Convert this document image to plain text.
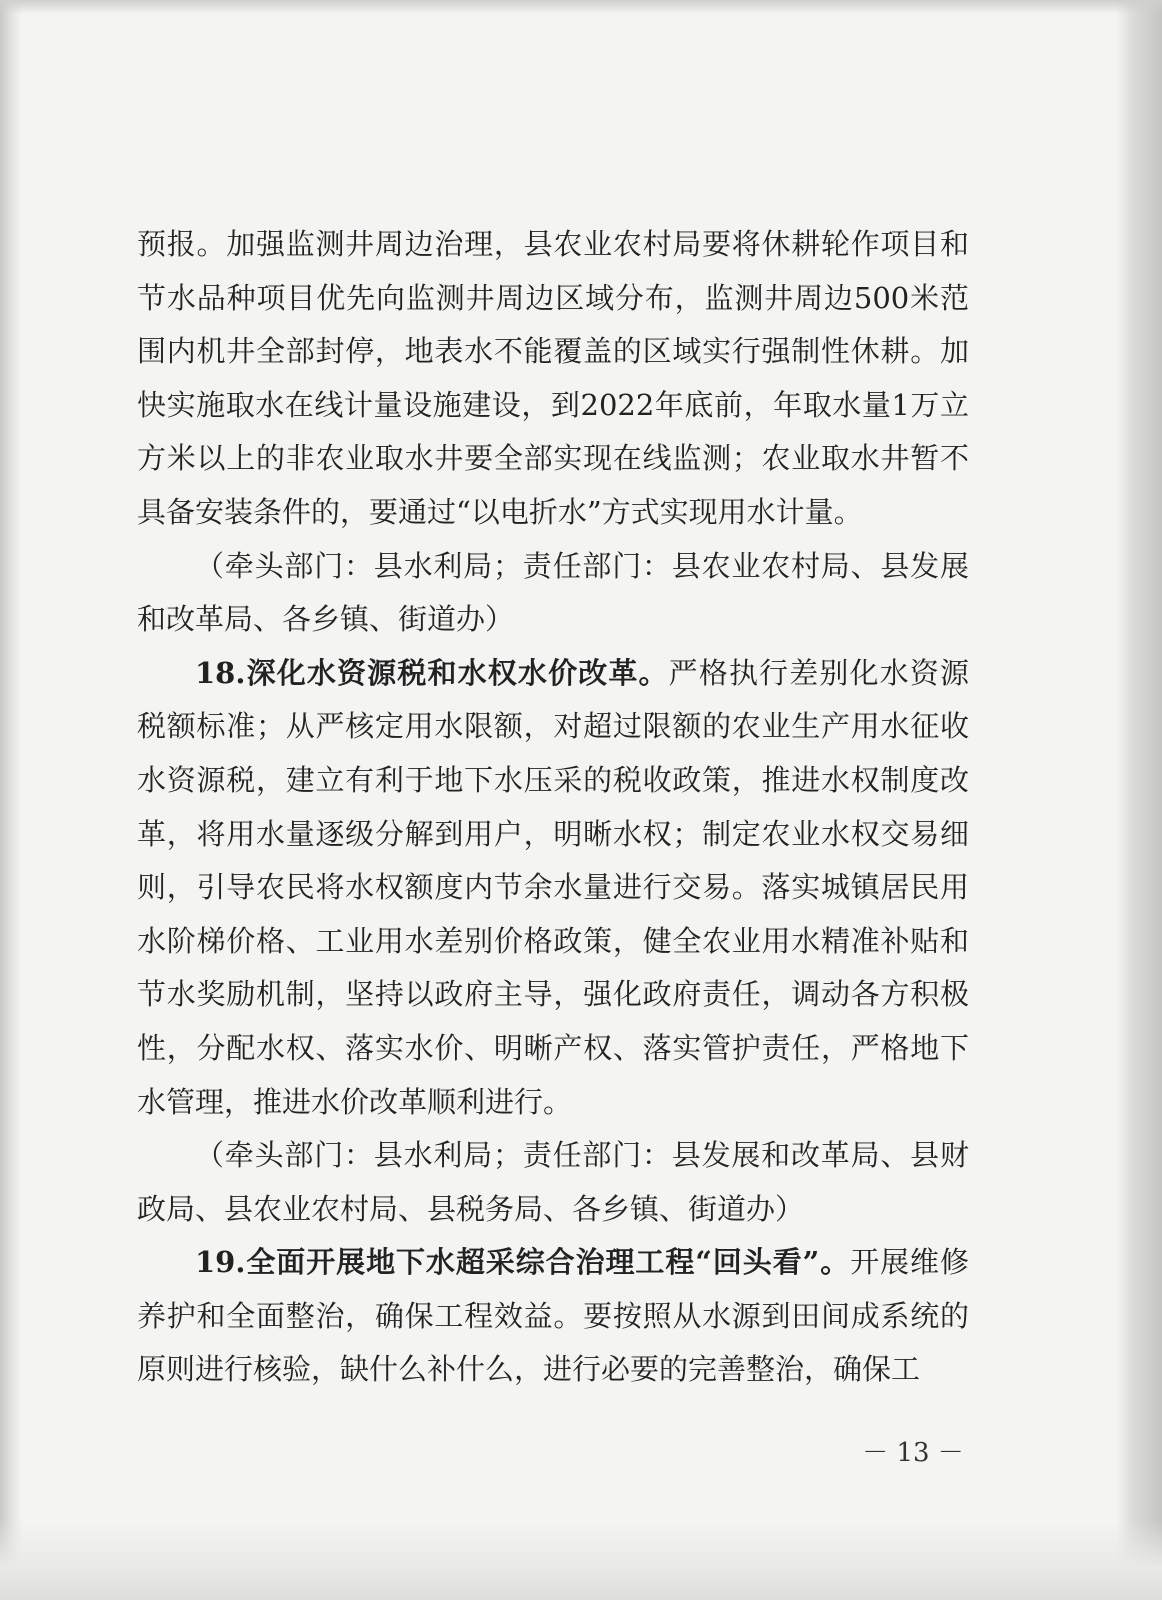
预报。加强监测井周边治理，县农业农村局要将休耕轮作项目和节水品种项目优先向监测井周边区域分布，监测井周边500米范围内机井全部封停，地表水不能覆盖的区域实行强制性休耕。加快实施取水在线计量设施建设，到2022年底前，年取水量1万立方米以上的非农业取水井要全部实现在线监测；农业取水井暂不具备安装条件的，要通过“以电折水”方式实现用水计量。

（牵头部门：县水利局；责任部门：县农业农村局、县发展和改革局、各乡镇、街道办）

18.深化水资源税和水权水价改革。严格执行差别化水资源税额标准；从严核定用水限额，对超过限额的农业生产用水征收水资源税，建立有利于地下水压采的税收政策，推进水权制度改革，将用水量逐级分解到用户，明晰水权；制定农业水权交易细则，引导农民将水权额度内节余水量进行交易。落实城镇居民用水阶梯价格、工业用水差别价格政策，健全农业用水精准补贴和节水奖励机制，坚持以政府主导，强化政府责任，调动各方积极性，分配水权、落实水价、明晰产权、落实管护责任，严格地下水管理，推进水价改革顺利进行。

（牵头部门：县水利局；责任部门：县发展和改革局、县财政局、县农业农村局、县税务局、各乡镇、街道办）

19.全面开展地下水超采综合治理工程“回头看”。开展维修养护和全面整治，确保工程效益。要按照从水源到田间成系统的原则进行核验，缺什么补什么，进行必要的完善整治，确保工

－ 13 －
